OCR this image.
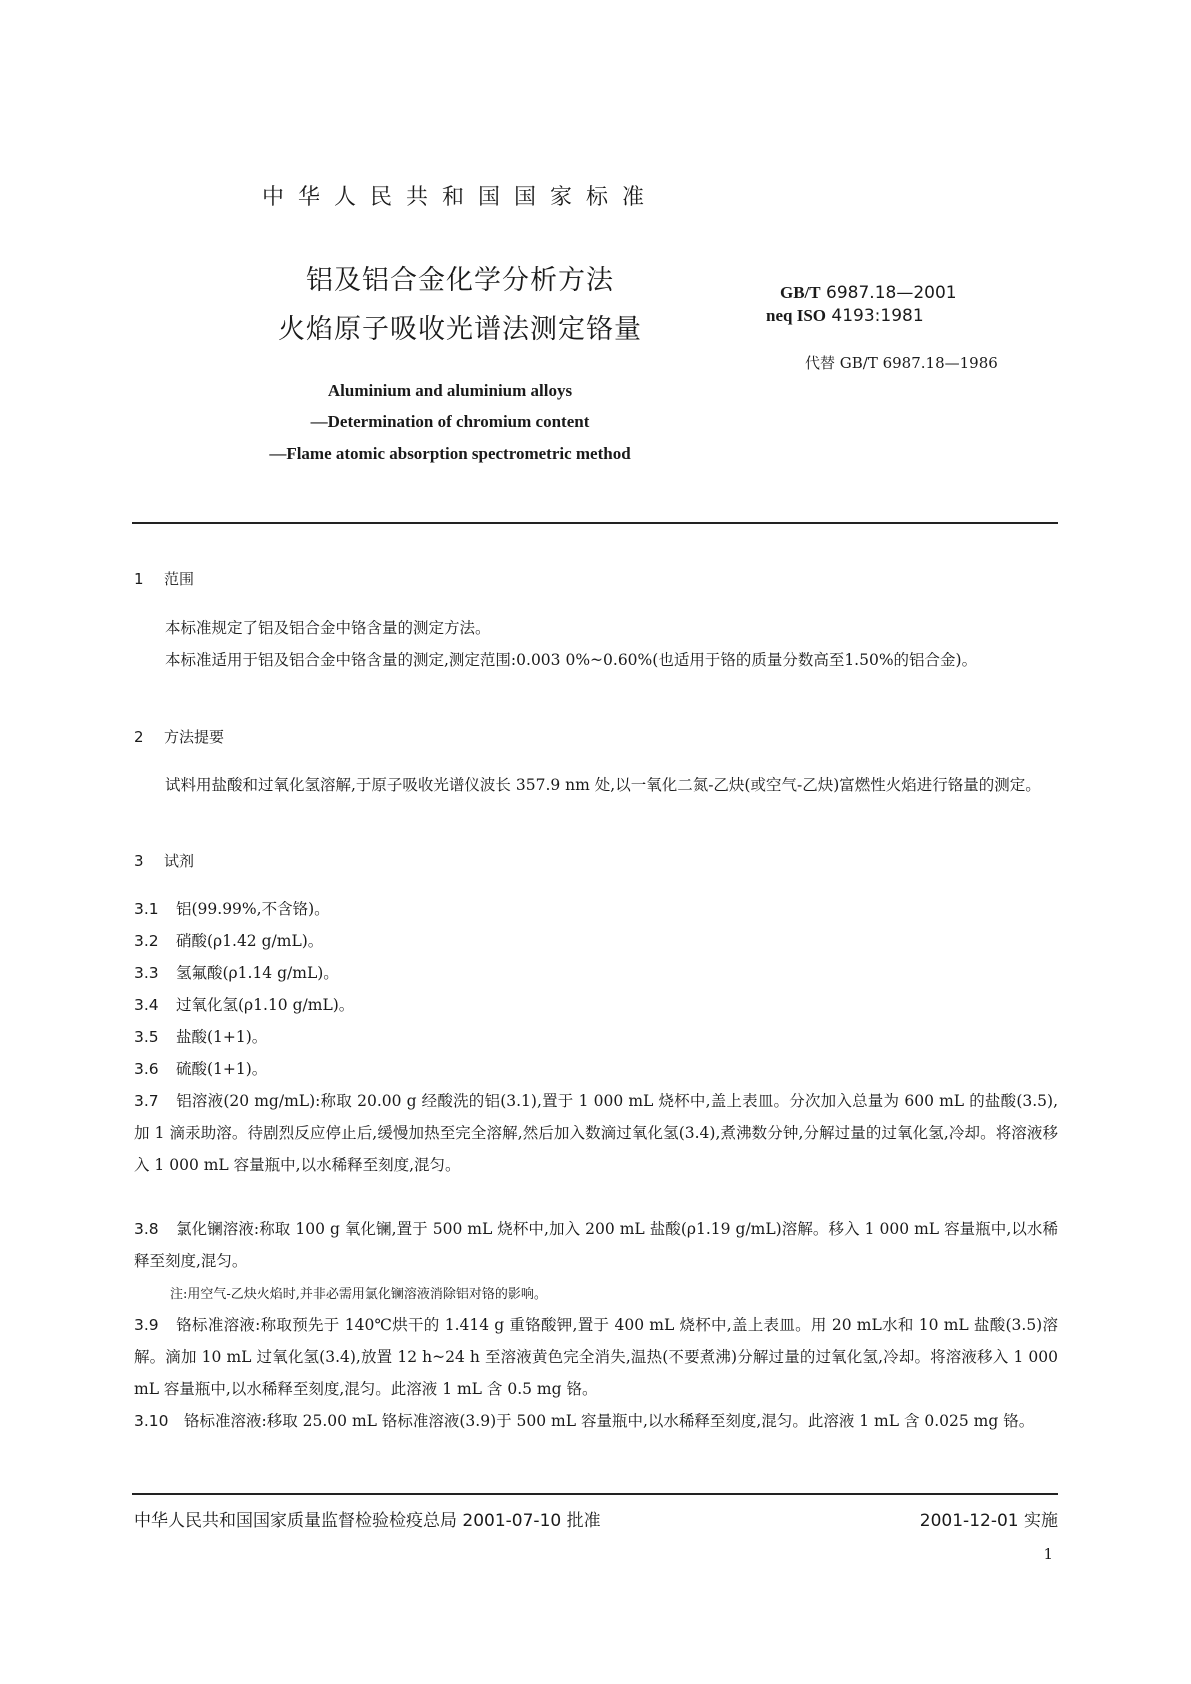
中华人民共和国国家标准
铝及铝合金化学分析方法
火焰原子吸收光谱法测定铬量
GB/T 6987.18—2001
neq ISO 4193:1981
代替 GB/T 6987.18—1986
Aluminium and aluminium alloys
—Determination of chromium content
—Flame atomic absorption spectrometric method
1 范围
本标准规定了铝及铝合金中铬含量的测定方法。
本标准适用于铝及铝合金中铬含量的测定,测定范围:0.003 0%~0.60%(也适用于铬的质量分数高至1.50%的铝合金)。
2 方法提要
试料用盐酸和过氧化氢溶解,于原子吸收光谱仪波长 357.9 nm 处,以一氧化二氮-乙炔(或空气-乙炔)富燃性火焰进行铬量的测定。
3 试剂
3.1 铝(99.99%,不含铬)。
3.2 硝酸(ρ1.42 g/mL)。
3.3 氢氟酸(ρ1.14 g/mL)。
3.4 过氧化氢(ρ1.10 g/mL)。
3.5 盐酸(1+1)。
3.6 硫酸(1+1)。
3.7 铝溶液(20 mg/mL):称取 20.00 g 经酸洗的铝(3.1),置于 1 000 mL 烧杯中,盖上表皿。分次加入总量为 600 mL 的盐酸(3.5),加 1 滴汞助溶。待剧烈反应停止后,缓慢加热至完全溶解,然后加入数滴过氧化氢(3.4),煮沸数分钟,分解过量的过氧化氢,冷却。将溶液移入 1 000 mL 容量瓶中,以水稀释至刻度,混匀。
3.8 氯化镧溶液:称取 100 g 氧化镧,置于 500 mL 烧杯中,加入 200 mL 盐酸(ρ1.19 g/mL)溶解。移入 1 000 mL 容量瓶中,以水稀释至刻度,混匀。
注:用空气-乙炔火焰时,并非必需用氯化镧溶液消除铝对铬的影响。
3.9 铬标准溶液:称取预先于 140℃烘干的 1.414 g 重铬酸钾,置于 400 mL 烧杯中,盖上表皿。用 20 mL水和 10 mL 盐酸(3.5)溶解。滴加 10 mL 过氧化氢(3.4),放置 12 h~24 h 至溶液黄色完全消失,温热(不要煮沸)分解过量的过氧化氢,冷却。将溶液移入 1 000 mL 容量瓶中,以水稀释至刻度,混匀。此溶液 1 mL 含 0.5 mg 铬。
3.10 铬标准溶液:移取 25.00 mL 铬标准溶液(3.9)于 500 mL 容量瓶中,以水稀释至刻度,混匀。此溶液 1 mL 含 0.025 mg 铬。
中华人民共和国国家质量监督检验检疫总局 2001-07-10 批准	2001-12-01 实施
1
